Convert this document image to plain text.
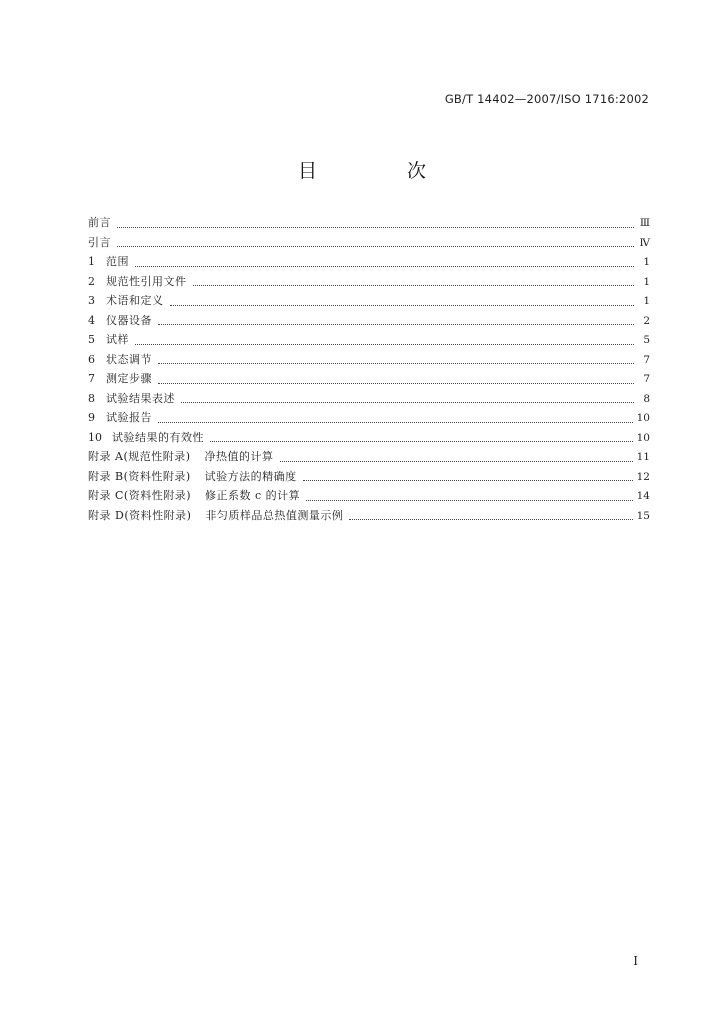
GB/T 14402—2007/ISO 1716:2002
目 次
前言	Ⅲ
引言	Ⅳ
1	范围	1
2	规范性引用文件	1
3	术语和定义	1
4	仪器设备	2
5	试样	5
6	状态调节	7
7	测定步骤	7
8	试验结果表述	8
9	试验报告	10
10 试验结果的有效性	10
附录 A(规范性附录) 净热值的计算	11
附录 B(资料性附录) 试验方法的精确度	12
附录 C(资料性附录) 修正系数 c 的计算	14
附录 D(资料性附录) 非匀质样品总热值测量示例	15
I
